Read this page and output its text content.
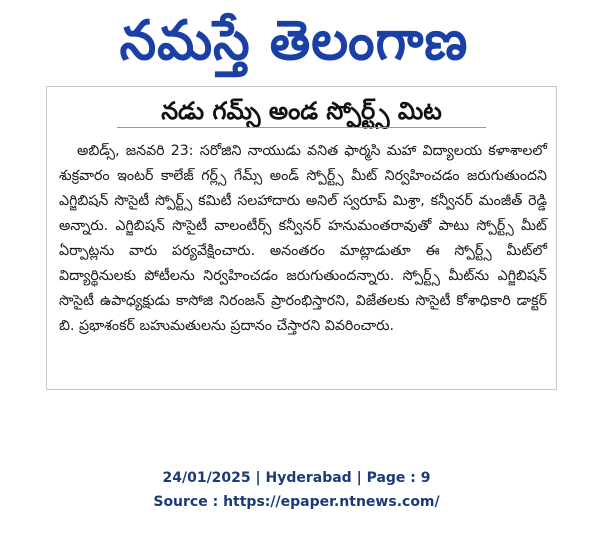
నమస్తే తెలంగాణ
నడు గమ్స్ అండ స్పోర్ట్స్ మిట

అబిడ్స్, జనవరి 23: సరోజిని నాయుడు వనిత ఫార్మసి మహా విద్యాలయ కళాశాలలో శుక్రవారం ఇంటర్ కాలేజ్ గర్ల్స్ గేమ్స్ అండ్ స్పోర్ట్స్ మీట్ నిర్వహించడం జరుగుతుందని ఎగ్జిబిషన్ సొసైటీ స్పోర్ట్స్ కమిటీ సలహాదారు అనిల్ స్వరూప్ మిశ్రా, కన్వీనర్ మంజీత్ రెడ్డి అన్నారు. ఎగ్జిబిషన్ సొసైటీ వాలంటీర్స్ కన్వీనర్ హనుమంతరావుతో పాటు స్పోర్ట్స్ మీట్ ఏర్పాట్లను వారు పర్యవేక్షించారు. అనంతరం మాట్లాడుతూ ఈ స్పోర్ట్స్ మీట్‌లో విద్యార్థినులకు పోటీలను నిర్వహించడం జరుగుతుందన్నారు. స్పోర్ట్స్ మీట్‌ను ఎగ్జిబిషన్ సొసైటీ ఉపాధ్యక్షుడు కాసోజి నిరంజన్ ప్రారంభిస్తారని, విజేతలకు సొసైటీ కోశాధికారి డాక్టర్ బి. ప్రభాశంకర్ బహుమతులను ప్రదానం చేస్తారని వివరించారు.

24/01/2025 | Hyderabad | Page : 9
Source : https://epaper.ntnews.com/
